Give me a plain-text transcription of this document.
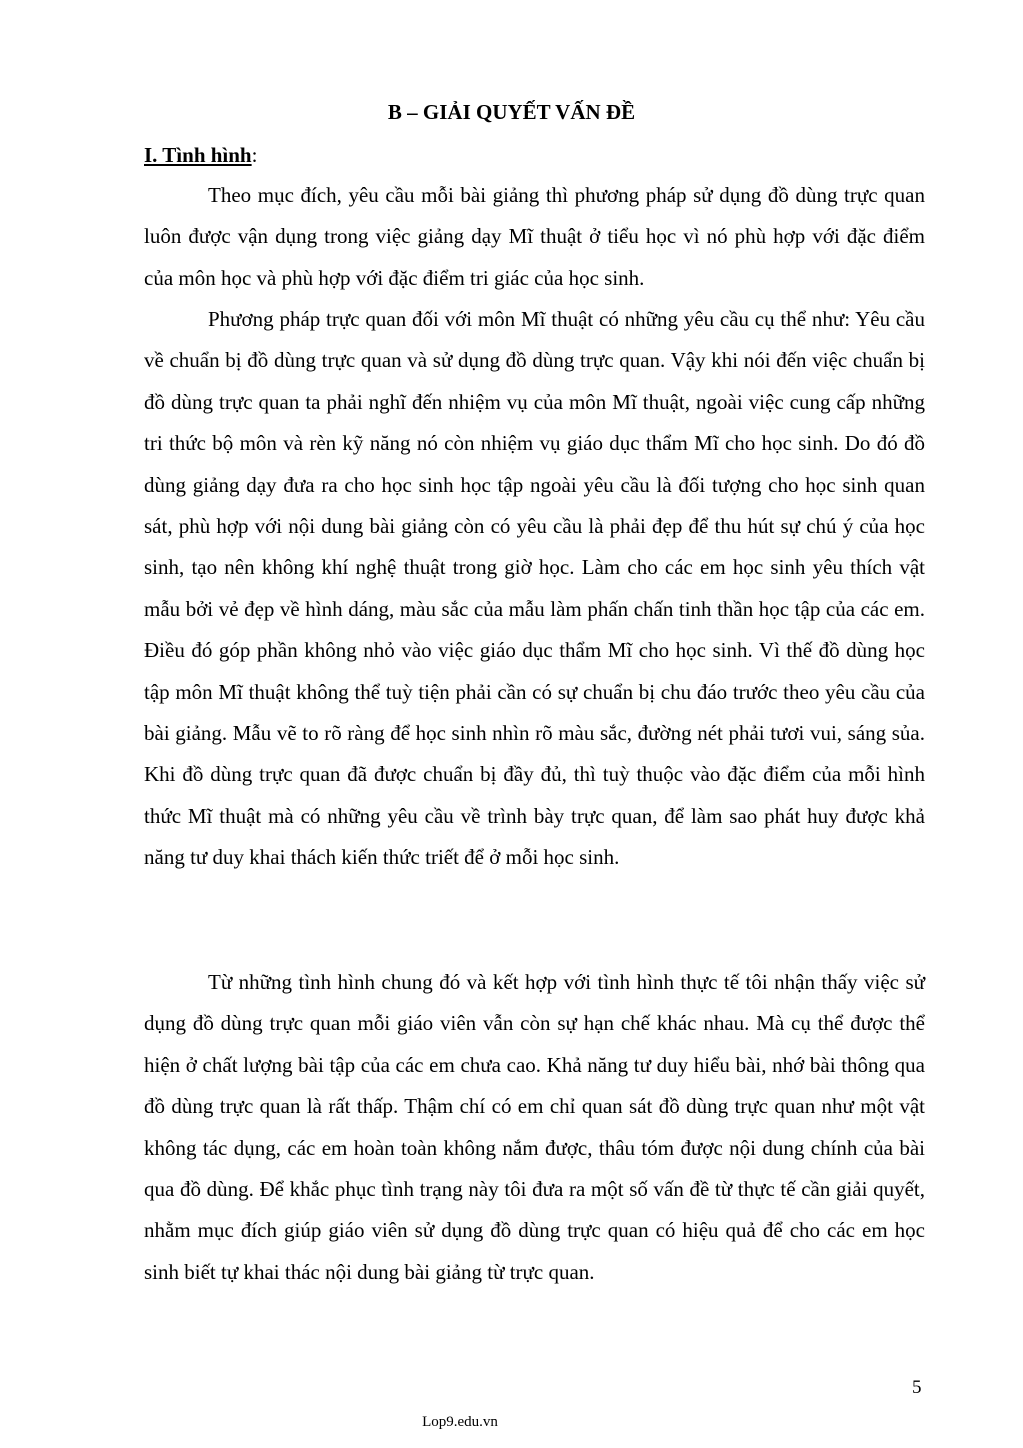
B – GIẢI QUYẾT VẤN ĐỀ
I. Tình hình:

Theo mục đích, yêu cầu mỗi bài giảng thì phương pháp sử dụng đồ dùng trực quan luôn được vận dụng trong việc giảng dạy Mĩ thuật ở tiểu học vì nó phù hợp với đặc điểm của môn học và phù hợp với đặc điểm tri giác của học sinh.

Phương pháp trực quan đối với môn Mĩ thuật có những yêu cầu cụ thể như: Yêu cầu về chuẩn bị đồ dùng trực quan và sử dụng đồ dùng trực quan. Vậy khi nói đến việc chuẩn bị đồ dùng trực quan ta phải nghĩ đến nhiệm vụ của môn Mĩ thuật, ngoài việc cung cấp những tri thức bộ môn và rèn kỹ năng nó còn nhiệm vụ giáo dục thẩm Mĩ cho học sinh. Do đó đồ dùng giảng dạy đưa ra cho học sinh học tập ngoài yêu cầu là đối tượng cho học sinh quan sát, phù hợp với nội dung bài giảng còn có yêu cầu là phải đẹp để thu hút sự chú ý của học sinh, tạo nên không khí nghệ thuật trong giờ học. Làm cho các em học sinh yêu thích vật mẫu bởi vẻ đẹp về hình dáng, màu sắc của mẫu làm phấn chấn tinh thần học tập của các em. Điều đó góp phần không nhỏ vào việc giáo dục thẩm Mĩ cho học sinh. Vì thế đồ dùng học tập môn Mĩ thuật không thể tuỳ tiện phải cần có sự chuẩn bị chu đáo trước theo yêu cầu của bài giảng. Mẫu vẽ to rõ ràng để học sinh nhìn rõ màu sắc, đường nét phải tươi vui, sáng sủa. Khi đồ dùng trực quan đã được chuẩn bị đầy đủ, thì tuỳ thuộc vào đặc điểm của mỗi hình thức Mĩ thuật mà có những yêu cầu về trình bày trực quan, để làm sao phát huy được khả năng tư duy khai thách kiến thức triết để ở mỗi học sinh.

Từ những tình hình chung đó và kết hợp với tình hình thực tế tôi nhận thấy việc sử dụng đồ dùng trực quan mỗi giáo viên vẫn còn sự hạn chế khác nhau. Mà cụ thể được thể hiện ở chất lượng bài tập của các em chưa cao. Khả năng tư duy hiểu bài, nhớ bài thông qua đồ dùng trực quan là rất thấp. Thậm chí có em chỉ quan sát đồ dùng trực quan như một vật không tác dụng, các em hoàn toàn không nắm được, thâu tóm được nội dung chính của bài qua đồ dùng. Để khắc phục tình trạng này tôi đưa ra một số vấn đề từ thực tế cần giải quyết, nhằm mục đích giúp giáo viên sử dụng đồ dùng trực quan có hiệu quả để cho các em học sinh biết tự khai thác nội dung bài giảng từ trực quan.

5
Lop9.edu.vn
